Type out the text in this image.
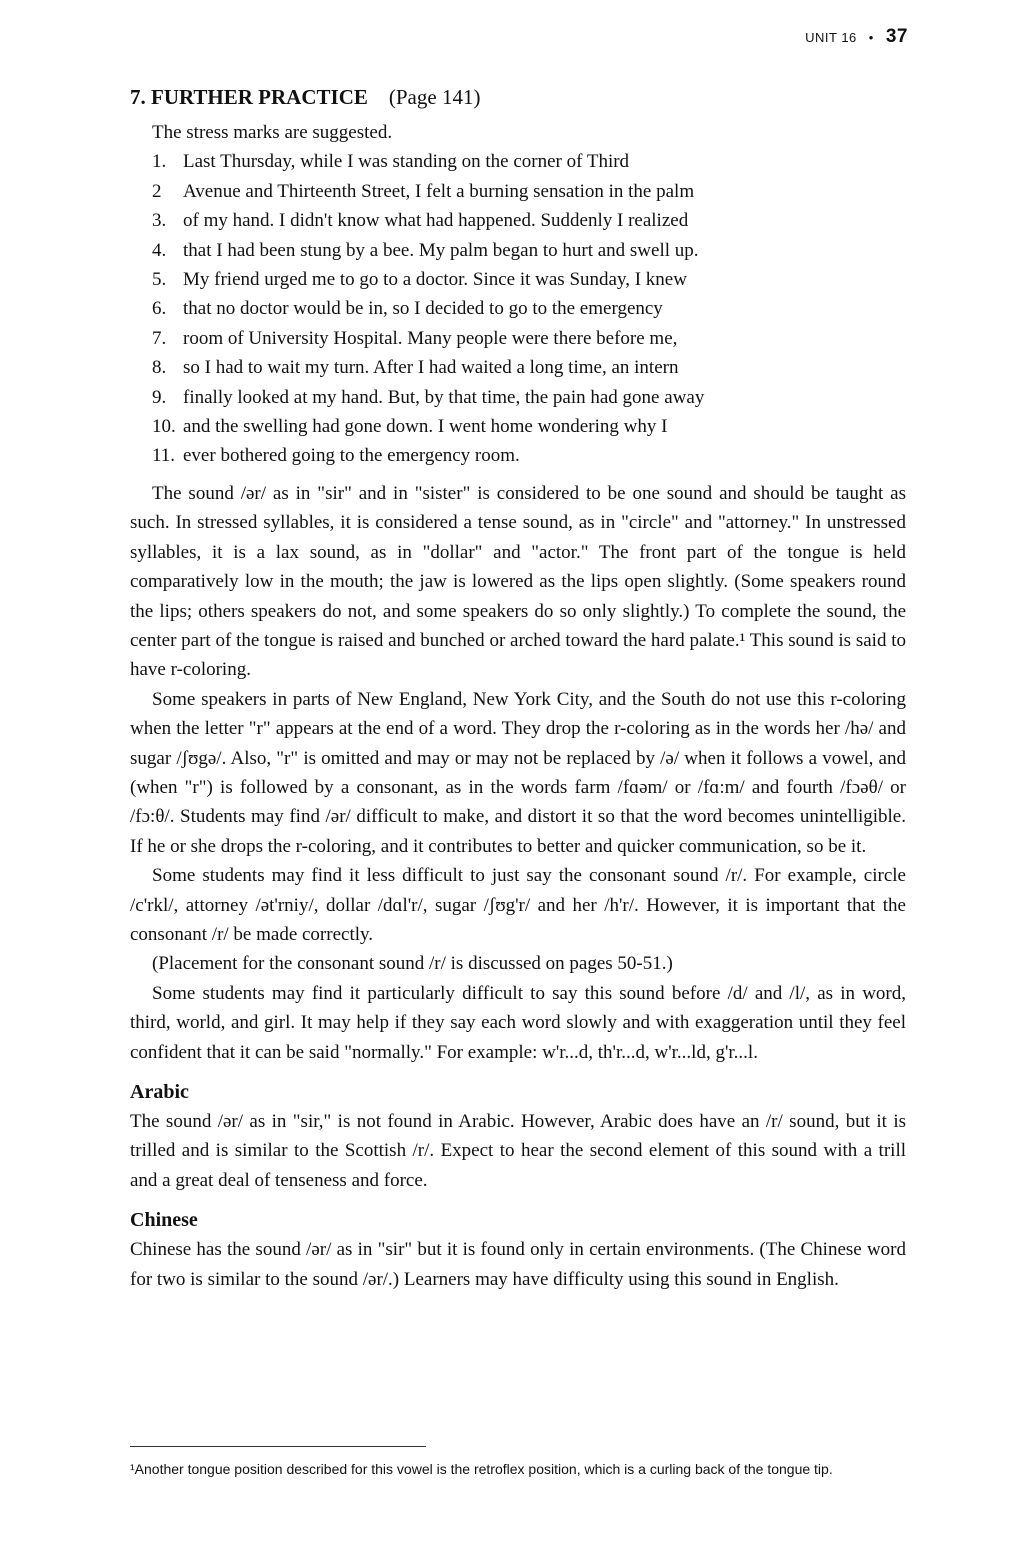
UNIT 16 • 37
7. FURTHER PRACTICE (Page 141)
The stress marks are suggested.
1. Last Thursday, while I was standing on the corner of Third
2	Avenue and Thirteenth Street, I felt a burning sensation in the palm
3. of my hand. I didn't know what had happened. Suddenly I realized
4. that I had been stung by a bee. My palm began to hurt and swell up.
5. My friend urged me to go to a doctor. Since it was Sunday, I knew
6. that no doctor would be in, so I decided to go to the emergency
7. room of University Hospital. Many people were there before me,
8. so I had to wait my turn. After I had waited a long time, an intern
9. finally looked at my hand. But, by that time, the pain had gone away
10. and the swelling had gone down. I went home wondering why I
11. ever bothered going to the emergency room.

The sound /ər/ as in "sir" and in "sister" is considered to be one sound and should be taught as such. In stressed syllables, it is considered a tense sound, as in "circle" and "attorney." In unstressed syllables, it is a lax sound, as in "dollar" and "actor." The front part of the tongue is held comparatively low in the mouth; the jaw is lowered as the lips open slightly. (Some speakers round the lips; others speakers do not, and some speakers do so only slightly.) To complete the sound, the center part of the tongue is raised and bunched or arched toward the hard palate.¹ This sound is said to have r-coloring.

Some speakers in parts of New England, New York City, and the South do not use this r-coloring when the letter "r" appears at the end of a word. They drop the r-coloring as in the words her /hə/ and sugar /ʃʊgə/. Also, "r" is omitted and may or may not be replaced by /ə/ when it follows a vowel, and (when "r") is followed by a consonant, as in the words farm /fɑəm/ or /fɑ:m/ and fourth /fɔəθ/ or /fɔ:θ/. Students may find /ər/ difficult to make, and distort it so that the word becomes unintelligible. If he or she drops the r-coloring, and it contributes to better and quicker communication, so be it.

Some students may find it less difficult to just say the consonant sound /r/. For example, circle /c'rkl/, attorney /ət'rniy/, dollar /dɑl'r/, sugar /ʃʊg'r/ and her /h'r/. However, it is important that the consonant /r/ be made correctly.

(Placement for the consonant sound /r/ is discussed on pages 50-51.)

Some students may find it particularly difficult to say this sound before /d/ and /l/, as in word, third, world, and girl. It may help if they say each word slowly and with exaggeration until they feel confident that it can be said "normally." For example: w'r...d, th'r...d, w'r...ld, g'r...l.

Arabic

The sound /ər/ as in "sir," is not found in Arabic. However, Arabic does have an /r/ sound, but it is trilled and is similar to the Scottish /r/. Expect to hear the second element of this sound with a trill and a great deal of tenseness and force.

Chinese

Chinese has the sound /ər/ as in "sir" but it is found only in certain environments. (The Chinese word for two is similar to the sound /ər/.) Learners may have difficulty using this sound in English.

¹Another tongue position described for this vowel is the retroflex position, which is a curling back of the tongue tip.
